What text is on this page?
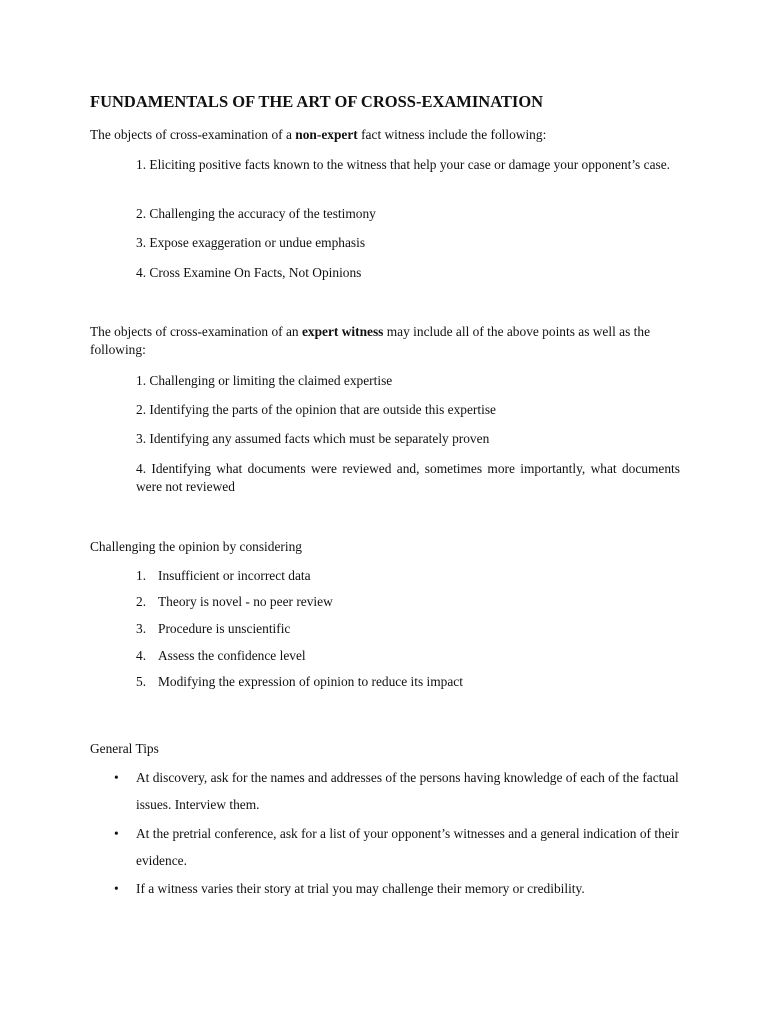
FUNDAMENTALS OF THE ART OF CROSS-EXAMINATION

The objects of cross-examination of a non-expert fact witness include the following:

1. Eliciting positive facts known to the witness that help your case or damage your opponent’s case.

2. Challenging the accuracy of the testimony

3. Expose exaggeration or undue emphasis

4. Cross Examine On Facts, Not Opinions

The objects of cross-examination of an expert witness may include all of the above points as well as the following:

1. Challenging or limiting the claimed expertise

2. Identifying the parts of the opinion that are outside this expertise

3. Identifying any assumed facts which must be separately proven

4. Identifying what documents were reviewed and, sometimes more importantly, what documents were not reviewed

Challenging the opinion by considering

1. Insufficient or incorrect data

2. Theory is novel - no peer review

3. Procedure is unscientific

4. Assess the confidence level

5. Modifying the expression of opinion to reduce its impact

General Tips

• At discovery, ask for the names and addresses of the persons having knowledge of each of the factual issues. Interview them.

• At the pretrial conference, ask for a list of your opponent’s witnesses and a general indication of their evidence.

• If a witness varies their story at trial you may challenge their memory or credibility.
